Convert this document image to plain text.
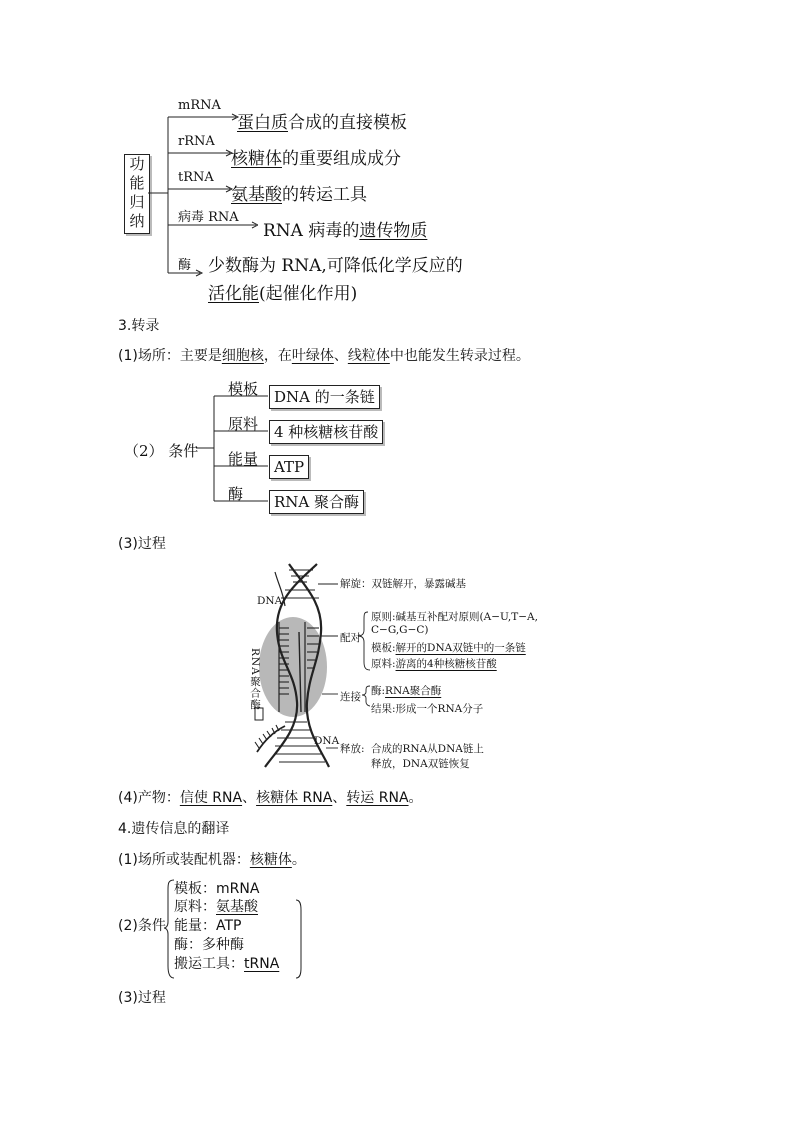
功
能
归
纳
mRNA
蛋白质合成的直接模板
rRNA
核糖体的重要组成成分
tRNA
氨基酸的转运工具
病毒 RNA
RNA 病毒的遗传物质
酶 少数酶为 RNA,可降低化学反应的
活化能(起催化作用)
3.转录
(1)场所：主要是细胞核，在叶绿体、线粒体中也能发生转录过程。
（2） 条件
模板	DNA 的一条链
原料	4 种核糖核苷酸
能量	ATP
酶	RNA 聚合酶
(3)过程
DNA
DNA
RNA聚合酶
解旋：双链解开，暴露碱基
配对
原则:碱基互补配对原则(A−U,T−A,
C−G,G−C)
模板:解开的DNA双链中的一条链
原料:游离的4种核糖核苷酸
连接 酶:RNA聚合酶
结果:形成一个RNA分子
释放: 合成的RNA从DNA链上
释放，DNA双链恢复
(4)产物：信使 RNA、核糖体 RNA、转运 RNA。
4.遗传信息的翻译
(1)场所或装配机器：核糖体。
(2)条件
模板：mRNA
原料：氨基酸
能量：ATP
酶：多种酶
搬运工具：tRNA
(3)过程
